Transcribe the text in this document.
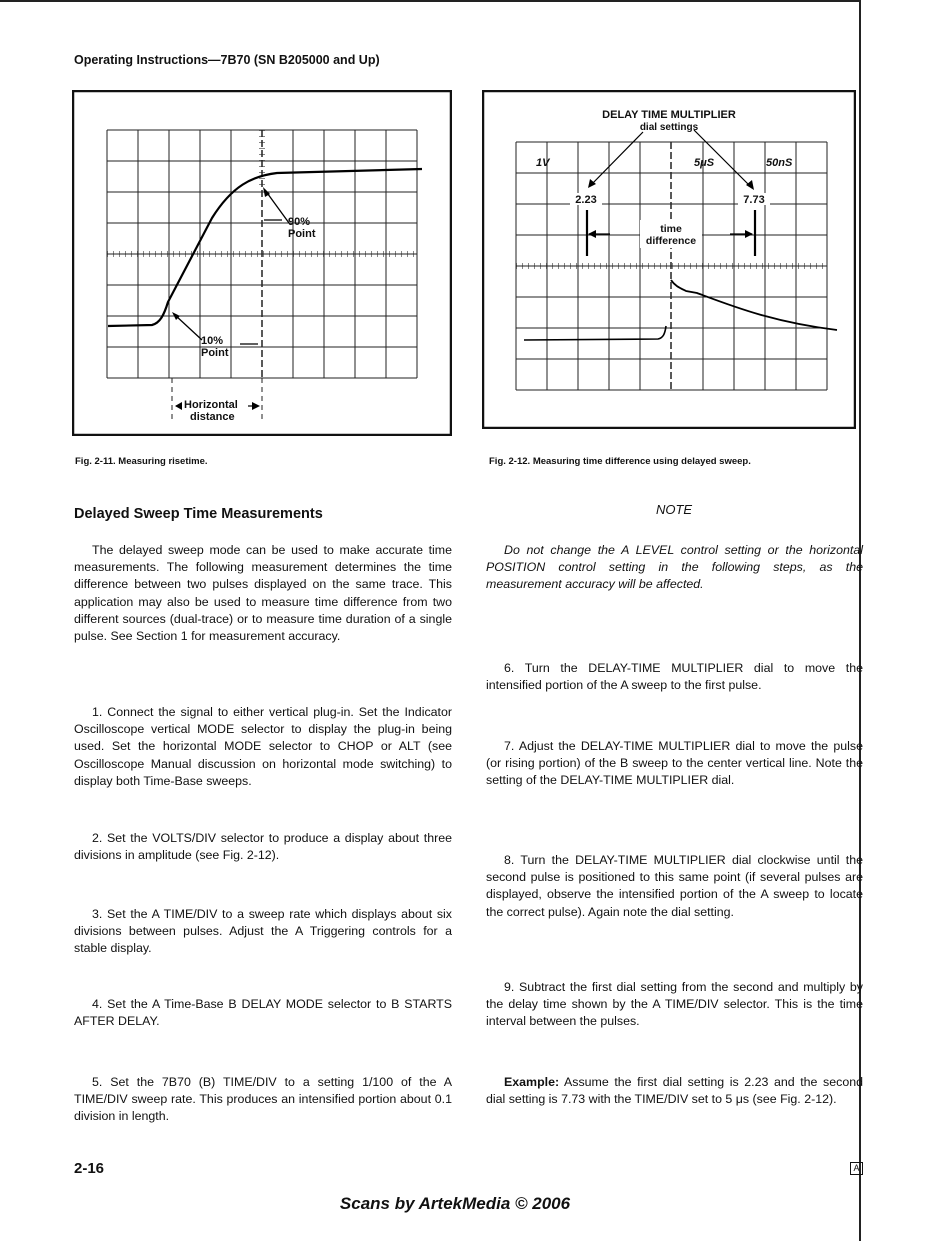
Operating Instructions—7B70 (SN B205000 and Up)
90%
Point
10%
Point
Horizontal
distance
Fig. 2-11. Measuring risetime.
DELAY TIME MULTIPLIER
dial settings
1V	5μS	50nS
2.23	7.73
time
difference
Fig. 2-12. Measuring time difference using delayed sweep.
Delayed Sweep Time Measurements	NOTE

The delayed sweep mode can be used to make accurate time measurements. The following measurement determines the time difference between two pulses displayed on the same trace. This application may also be used to measure time difference from two different sources (dual-trace) or to measure time duration of a single pulse. See Section 1 for measurement accuracy.

1. Connect the signal to either vertical plug-in. Set the Indicator Oscilloscope vertical MODE selector to display the plug-in being used. Set the horizontal MODE selector to CHOP or ALT (see Oscilloscope Manual discussion on horizontal mode switching) to display both Time-Base sweeps.

2. Set the VOLTS/DIV selector to produce a display about three divisions in amplitude (see Fig. 2-12).

3. Set the A TIME/DIV to a sweep rate which displays about six divisions between pulses. Adjust the A Triggering controls for a stable display.

4. Set the A Time-Base B DELAY MODE selector to B STARTS AFTER DELAY.

5. Set the 7B70 (B) TIME/DIV to a setting 1/100 of the A TIME/DIV sweep rate. This produces an intensified portion about 0.1 division in length.

Do not change the A LEVEL control setting or the horizontal POSITION control setting in the following steps, as the measurement accuracy will be affected.

6. Turn the DELAY-TIME MULTIPLIER dial to move the intensified portion of the A sweep to the first pulse.

7. Adjust the DELAY-TIME MULTIPLIER dial to move the pulse (or rising portion) of the B sweep to the center vertical line. Note the setting of the DELAY-TIME MULTIPLIER dial.

8. Turn the DELAY-TIME MULTIPLIER dial clockwise until the second pulse is positioned to this same point (if several pulses are displayed, observe the intensified portion of the A sweep to locate the correct pulse). Again note the dial setting.

9. Subtract the first dial setting from the second and multiply by the delay time shown by the A TIME/DIV selector. This is the time interval between the pulses.

Example: Assume the first dial setting is 2.23 and the second dial setting is 7.73 with the TIME/DIV set to 5 μs (see Fig. 2-12).

2-16	A
Scans by ArtekMedia © 2006
